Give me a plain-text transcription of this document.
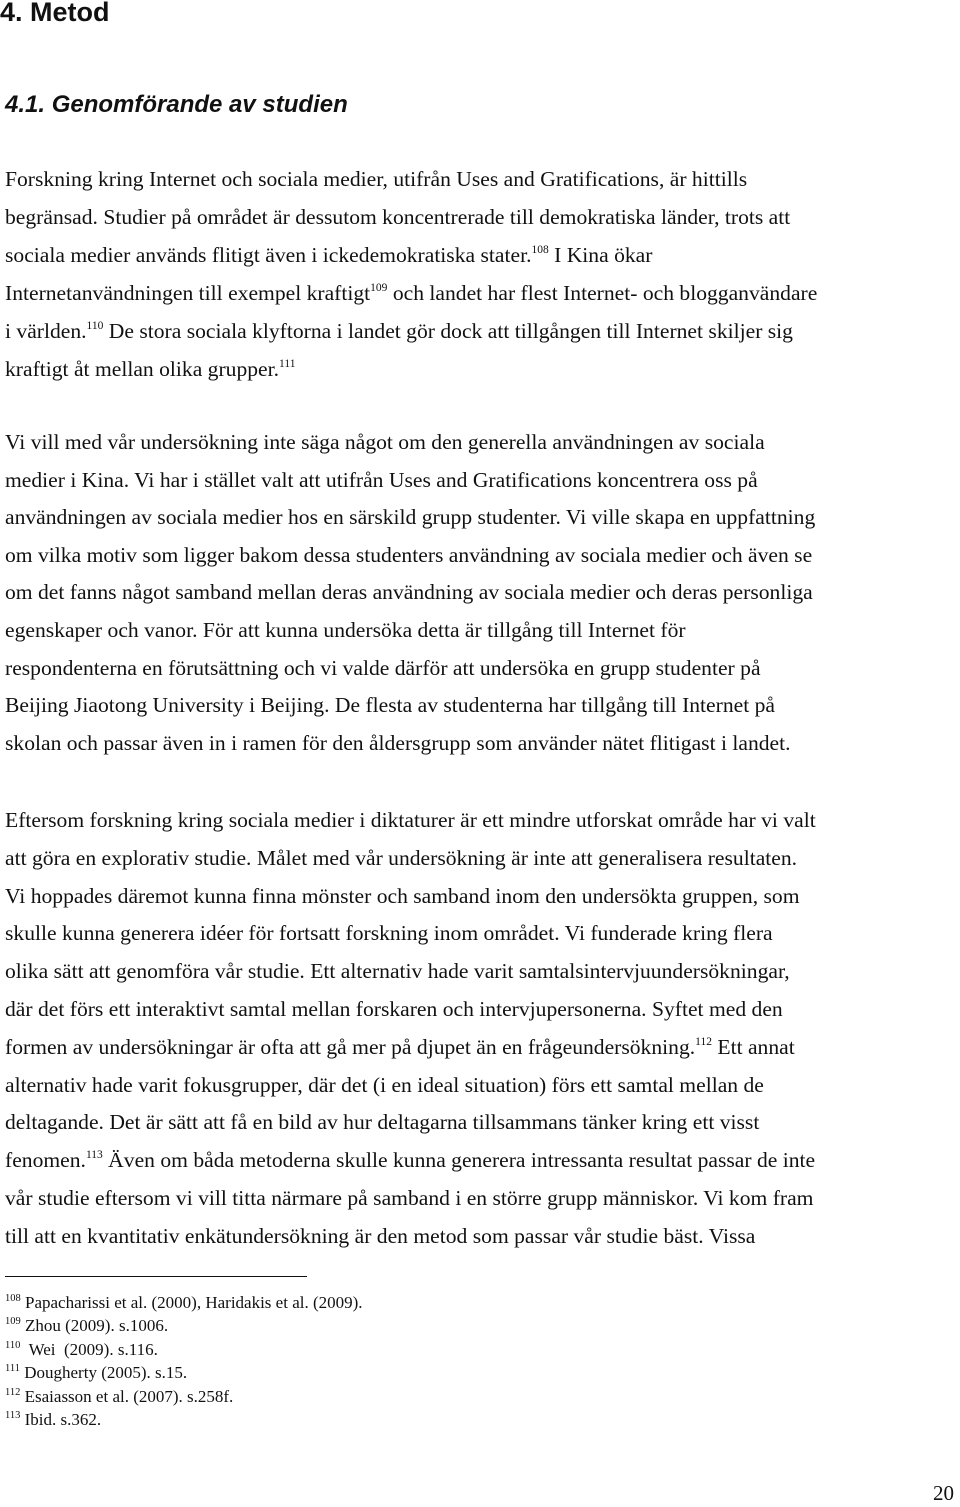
4. Metod
4.1. Genomförande av studien
Forskning kring Internet och sociala medier, utifrån Uses and Gratifications, är hittills
begränsad. Studier på området är dessutom koncentrerade till demokratiska länder, trots att
sociala medier används flitigt även i ickedemokratiska stater.$^{108}$ I Kina ökar
Internetanvändningen till exempel kraftigt$^{109}$ och landet har flest Internet- och blogganvändare
i världen.$^{110}$ De stora sociala klyftorna i landet gör dock att tillgången till Internet skiljer sig
kraftigt åt mellan olika grupper.$^{111}$
Vi vill med vår undersökning inte säga något om den generella användningen av sociala
medier i Kina. Vi har i stället valt att utifrån Uses and Gratifications koncentrera oss på
användningen av sociala medier hos en särskild grupp studenter. Vi ville skapa en uppfattning
om vilka motiv som ligger bakom dessa studenters användning av sociala medier och även se
om det fanns något samband mellan deras användning av sociala medier och deras personliga
egenskaper och vanor. För att kunna undersöka detta är tillgång till Internet för
respondenterna en förutsättning och vi valde därför att undersöka en grupp studenter på
Beijing Jiaotong University i Beijing. De flesta av studenterna har tillgång till Internet på
skolan och passar även in i ramen för den åldersgrupp som använder nätet flitigast i landet.
Eftersom forskning kring sociala medier i diktaturer är ett mindre utforskat område har vi valt
att göra en explorativ studie. Målet med vår undersökning är inte att generalisera resultaten.
Vi hoppades däremot kunna finna mönster och samband inom den undersökta gruppen, som
skulle kunna generera idéer för fortsatt forskning inom området. Vi funderade kring flera
olika sätt att genomföra vår studie. Ett alternativ hade varit samtalsintervjuundersökningar,
där det förs ett interaktivt samtal mellan forskaren och intervjupersonerna. Syftet med den
formen av undersökningar är ofta att gå mer på djupet än en frågeundersökning.$^{112}$ Ett annat
alternativ hade varit fokusgrupper, där det (i en ideal situation) förs ett samtal mellan de
deltagande. Det är sätt att få en bild av hur deltagarna tillsammans tänker kring ett visst
fenomen.$^{113}$ Även om båda metoderna skulle kunna generera intressanta resultat passar de inte
vår studie eftersom vi vill titta närmare på samband i en större grupp människor. Vi kom fram
till att en kvantitativ enkätundersökning är den metod som passar vår studie bäst. Vissa
$^{108}$ Papacharissi et al. (2000), Haridakis et al. (2009).
$^{109}$ Zhou (2009). s.1006.
$^{110}$  Wei  (2009). s.116.
$^{111}$ Dougherty (2005). s.15.
$^{112}$ Esaiasson et al. (2007). s.258f.
$^{113}$ Ibid. s.362.
20
